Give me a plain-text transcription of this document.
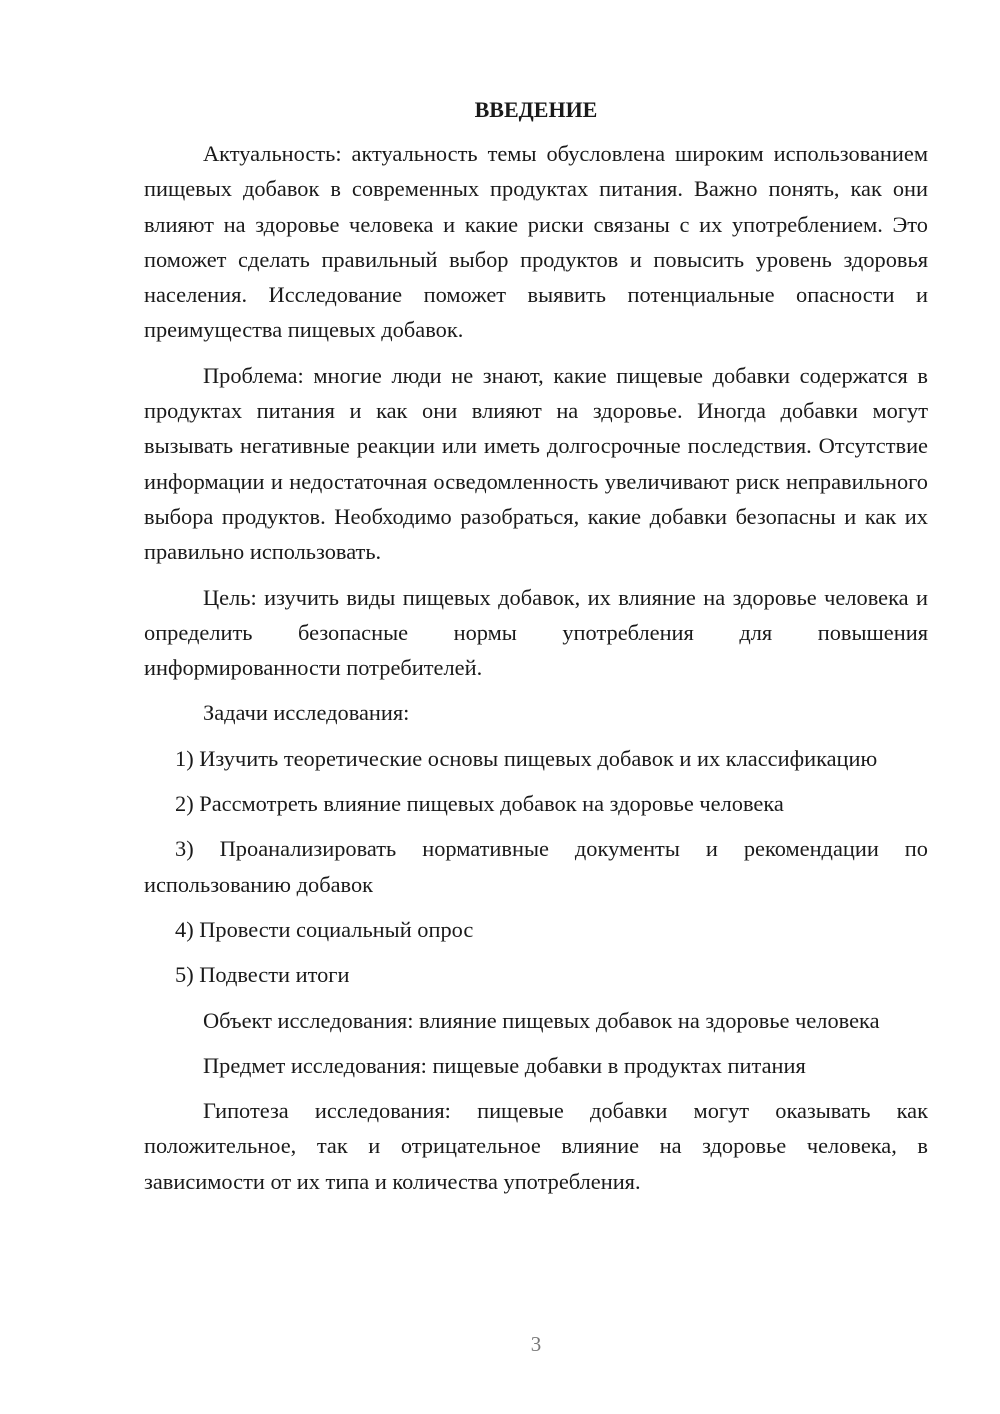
ВВЕДЕНИЕ

Актуальность: актуальность темы обусловлена широким использованием пищевых добавок в современных продуктах питания. Важно понять, как они влияют на здоровье человека и какие риски связаны с их употреблением. Это поможет сделать правильный выбор продуктов и повысить уровень здоровья населения. Исследование поможет выявить потенциальные опасности и преимущества пищевых добавок.

Проблема: многие люди не знают, какие пищевые добавки содержатся в продуктах питания и как они влияют на здоровье. Иногда добавки могут вызывать негативные реакции или иметь долгосрочные последствия. Отсутствие информации и недостаточная осведомленность увеличивают риск неправильного выбора продуктов. Необходимо разобраться, какие добавки безопасны и как их правильно использовать.

Цель: изучить виды пищевых добавок, их влияние на здоровье человека и определить безопасные нормы употребления для повышения информированности потребителей.

Задачи исследования:

1) Изучить теоретические основы пищевых добавок и их классификацию

2) Рассмотреть влияние пищевых добавок на здоровье человека

3) Проанализировать нормативные документы и рекомендации по использованию добавок

4) Провести социальный опрос

5) Подвести итоги

Объект исследования: влияние пищевых добавок на здоровье человека

Предмет исследования: пищевые добавки в продуктах питания

Гипотеза исследования: пищевые добавки могут оказывать как положительное, так и отрицательное влияние на здоровье человека, в зависимости от их типа и количества употребления.

3
